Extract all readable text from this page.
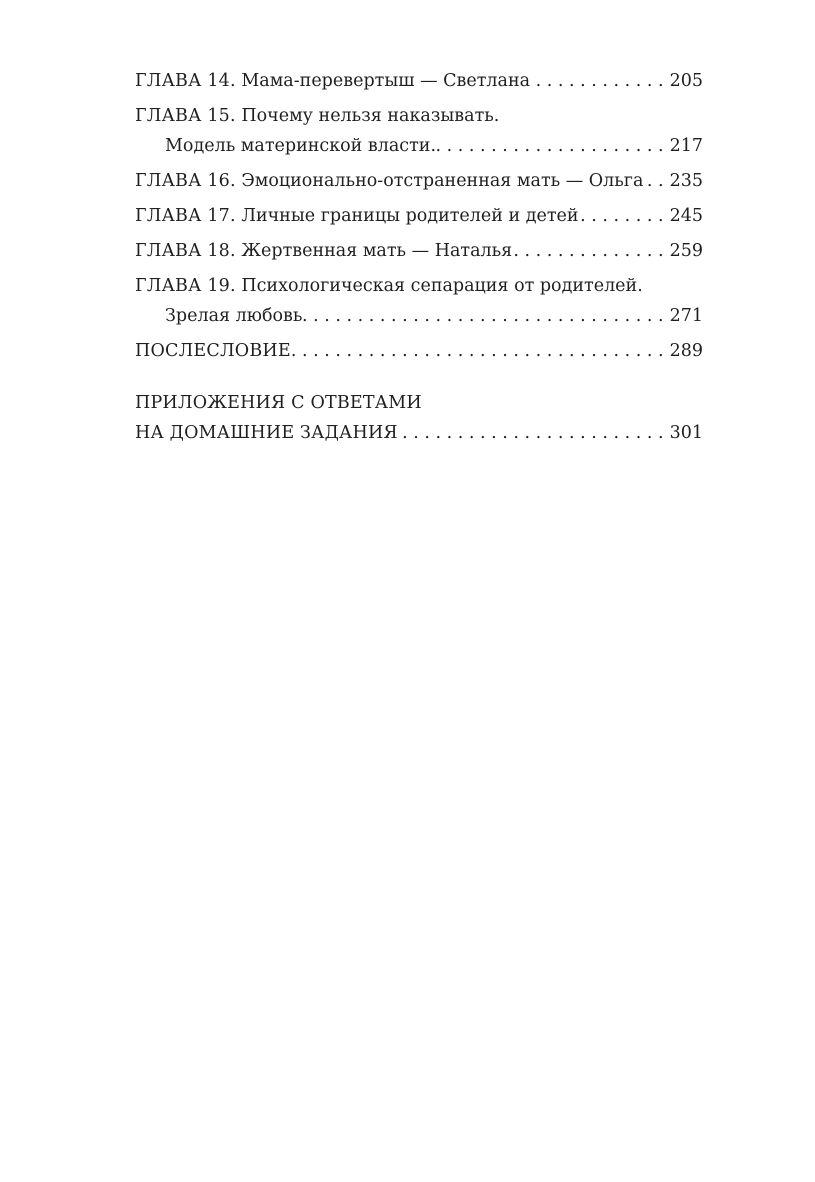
ГЛАВА 14. Мама-перевертыш — Светлана . . .	205
ГЛАВА 15. Почему нельзя наказывать.
Модель материнской власти. . . .	217
ГЛАВА 16. Эмоционально-отстраненная мать — Ольга . . . 235
ГЛАВА 17. Личные границы родителей и детей . . .	245
ГЛАВА 18. Жертвенная мать — Наталья . . .	259
ГЛАВА 19. Психологическая сепарация от родителей.
Зрелая любовь . . .	271
ПОСЛЕСЛОВИЕ . . .	289
ПРИЛОЖЕНИЯ С ОТВЕТАМИ
НА ДОМАШНИЕ ЗАДАНИЯ . . .	301
